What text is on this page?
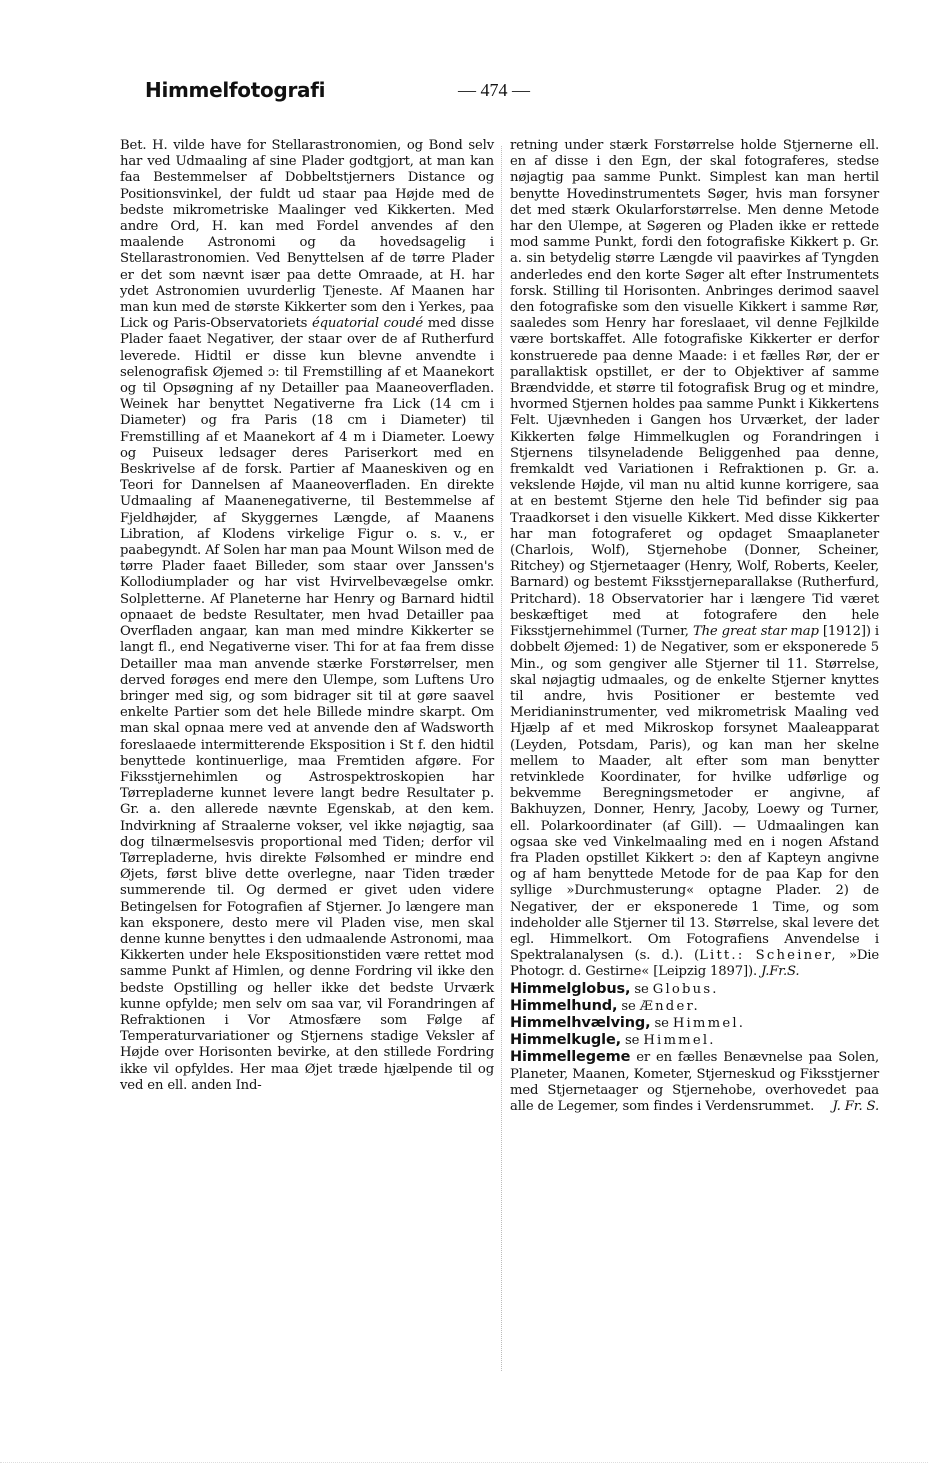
Himmelfotografi	— 474 —

Bet. H. vilde have for Stellarastronomien, og Bond selv har ved Udmaaling af sine Plader godtgjort, at man kan faa Bestemmelser af Dobbeltstjerners Distance og Positionsvinkel, der fuldt ud staar paa Højde med de bedste mikrometriske Maalinger ved Kikkerten. Med andre Ord, H. kan med Fordel anvendes af den maalende Astronomi og da hovedsagelig i Stellarastronomien. Ved Benyttelsen af de tørre Plader er det som nævnt især paa dette Omraade, at H. har ydet Astronomien uvurderlig Tjeneste. Af Maanen har man kun med de største Kikkerter som den i Yerkes, paa Lick og Paris-Observatoriets équatorial coudé med disse Plader faaet Negativer, der staar over de af Rutherfurd leverede. Hidtil er disse kun blevne anvendte i selenografisk Øjemed ɔ: til Fremstilling af et Maanekort og til Opsøgning af ny Detailler paa Maaneoverfladen. Weinek har benyttet Negativerne fra Lick (14 cm i Diameter) og fra Paris (18 cm i Diameter) til Fremstilling af et Maanekort af 4 m i Diameter. Loewy og Puiseux ledsager deres Pariserkort med en Beskrivelse af de forsk. Partier af Maaneskiven og en Teori for Dannelsen af Maaneoverfladen. En direkte Udmaaling af Maanenegativerne, til Bestemmelse af Fjeldhøjder, af Skyggernes Længde, af Maanens Libration, af Klodens virkelige Figur o. s. v., er paabegyndt. Af Solen har man paa Mount Wilson med de tørre Plader faaet Billeder, som staar over Janssen's Kollodiumplader og har vist Hvirvelbevægelse omkr. Solpletterne. Af Planeterne har Henry og Barnard hidtil opnaaet de bedste Resultater, men hvad Detailler paa Overfladen angaar, kan man med mindre Kikkerter se langt fl., end Negativerne viser. Thi for at faa frem disse Detailler maa man anvende stærke Forstørrelser, men derved forøges end mere den Ulempe, som Luftens Uro bringer med sig, og som bidrager sit til at gøre saavel enkelte Partier som det hele Billede mindre skarpt. Om man skal opnaa mere ved at anvende den af Wadsworth foreslaaede intermitterende Eksposition i St f. den hidtil benyttede kontinuerlige, maa Fremtiden afgøre. For Fiksstjernehimlen og Astrospektroskopien har Tørrepladerne kunnet levere langt bedre Resultater p. Gr. a. den allerede nævnte Egenskab, at den kem. Indvirkning af Straalerne vokser, vel ikke nøjagtig, saa dog tilnærmelsesvis proportional med Tiden; derfor vil Tørrepladerne, hvis direkte Følsomhed er mindre end Øjets, først blive dette overlegne, naar Tiden træder summerende til. Og dermed er givet uden videre Betingelsen for Fotografien af Stjerner. Jo længere man kan eksponere, desto mere vil Pladen vise, men skal denne kunne benyttes i den udmaalende Astronomi, maa Kikkerten under hele Ekspositionstiden være rettet mod samme Punkt af Himlen, og denne Fordring vil ikke den bedste Opstilling og heller ikke det bedste Urværk kunne opfylde; men selv om saa var, vil Forandringen af Refraktionen i Vor Atmosfære som Følge af Temperaturvariationer og Stjernens stadige Veksler af Højde over Horisonten bevirke, at den stillede Fordring ikke vil opfyldes. Her maa Øjet træde hjælpende til og ved en ell. anden Ind-

retning under stærk Forstørrelse holde Stjernerne ell. en af disse i den Egn, der skal fotograferes, stedse nøjagtig paa samme Punkt. Simplest kan man hertil benytte Hovedinstrumentets Søger, hvis man forsyner det med stærk Okularforstørrelse. Men denne Metode har den Ulempe, at Søgeren og Pladen ikke er rettede mod samme Punkt, fordi den fotografiske Kikkert p. Gr. a. sin betydelig større Længde vil paavirkes af Tyngden anderledes end den korte Søger alt efter Instrumentets forsk. Stilling til Horisonten. Anbringes derimod saavel den fotografiske som den visuelle Kikkert i samme Rør, saaledes som Henry har foreslaaet, vil denne Fejlkilde være bortskaffet. Alle fotografiske Kikkerter er derfor konstruerede paa denne Maade: i et fælles Rør, der er parallaktisk opstillet, er der to Objektiver af samme Brændvidde, et større til fotografisk Brug og et mindre, hvormed Stjernen holdes paa samme Punkt i Kikkertens Felt. Ujævnheden i Gangen hos Urværket, der lader Kikkerten følge Himmelkuglen og Forandringen i Stjernens tilsyneladende Beliggenhed paa denne, fremkaldt ved Variationen i Refraktionen p. Gr. a. vekslende Højde, vil man nu altid kunne korrigere, saa at en bestemt Stjerne den hele Tid befinder sig paa Traadkorset i den visuelle Kikkert. Med disse Kikkerter har man fotograferet og opdaget Smaaplaneter (Charlois, Wolf), Stjernehobe (Donner, Scheiner, Ritchey) og Stjernetaager (Henry, Wolf, Roberts, Keeler, Barnard) og bestemt Fiksstjerneparallakse (Rutherfurd, Pritchard). 18 Observatorier har i længere Tid været beskæftiget med at fotografere den hele Fiksstjernehimmel (Turner, The great star map [1912]) i dobbelt Øjemed: 1) de Negativer, som er eksponerede 5 Min., og som gengiver alle Stjerner til 11. Størrelse, skal nøjagtig udmaales, og de enkelte Stjerner knyttes til andre, hvis Positioner er bestemte ved Meridianinstrumenter, ved mikrometrisk Maaling ved Hjælp af et med Mikroskop forsynet Maaleapparat (Leyden, Potsdam, Paris), og kan man her skelne mellem to Maader, alt efter som man benytter retvinklede Koordinater, for hvilke udførlige og bekvemme Beregningsmetoder er angivne, af Bakhuyzen, Donner, Henry, Jacoby, Loewy og Turner, ell. Polarkoordinater (af Gill). — Udmaalingen kan ogsaa ske ved Vinkelmaaling med en i nogen Afstand fra Pladen opstillet Kikkert ɔ: den af Kapteyn angivne og af ham benyttede Metode for de paa Kap for den syllige »Durchmusterung« optagne Plader. 2) de Negativer, der er eksponerede 1 Time, og som indeholder alle Stjerner til 13. Størrelse, skal levere det egl. Himmelkort. Om Fotografiens Anvendelse i Spektralanalysen (s. d.). (Litt.: Scheiner, »Die Photogr. d. Gestirne« [Leipzig 1897]). J.Fr.S.

Himmelglobus, se Globus.
Himmelhund, se Ænder.
Himmelhvælving, se Himmel.
Himmelkugle, se Himmel.

Himmellegeme er en fælles Benævnelse paa Solen, Planeter, Maanen, Kometer, Stjerneskud og Fiksstjerner med Stjernetaager og Stjernehobe, overhovedet paa alle de Legemer, som findes i Verdensrummet. J. Fr. S.
